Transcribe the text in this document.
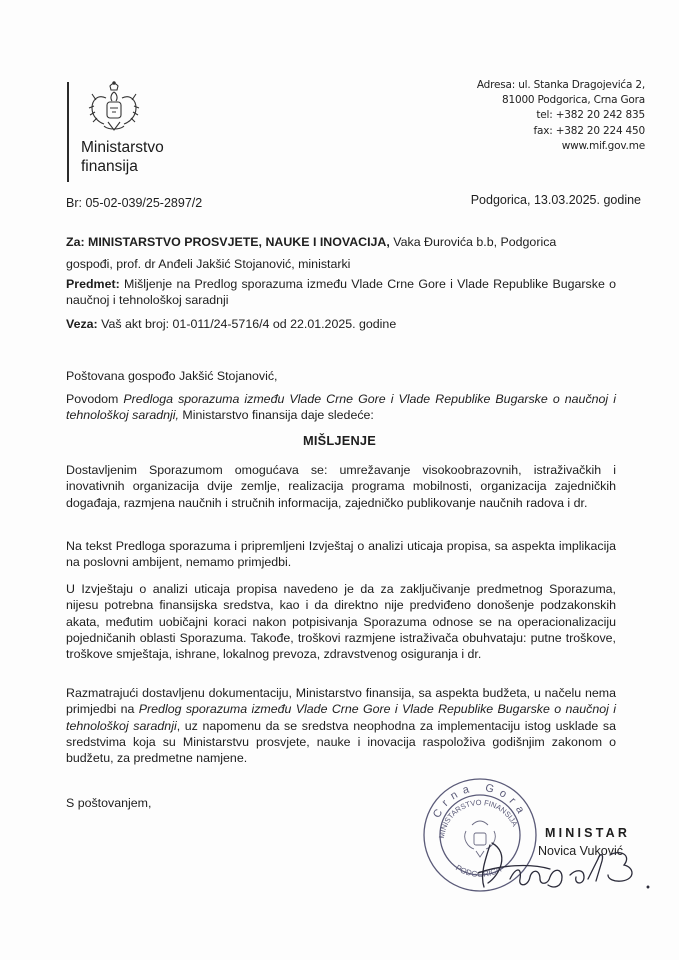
Ministarstvo
finansija
Adresa: ul. Stanka Dragojevića 2,
81000 Podgorica, Crna Gora
tel: +382 20 242 835
fax: +382 20 224 450
www.mif.gov.me
Br: 05-02-039/25-2897/2	Podgorica, 13.03.2025. godine
Za: MINISTARSTVO PROSVJETE, NAUKE I INOVACIJA, Vaka Đurovića b.b, Podgorica
gospođi, prof. dr Anđeli Jakšić Stojanović, ministarki
Predmet: Mišljenje na Predlog sporazuma između Vlade Crne Gore i Vlade Republike Bugarske o naučnoj i tehnološkoj saradnji
Veza: Vaš akt broj: 01-011/24-5716/4 od 22.01.2025. godine
Poštovana gospođo Jakšić Stojanović,
Povodom Predloga sporazuma između Vlade Crne Gore i Vlade Republike Bugarske o naučnoj i tehnološkoj saradnji, Ministarstvo finansija daje sledeće:
MIŠLJENJE
Dostavljenim Sporazumom omogućava se: umrežavanje visokoobrazovnih, istraživačkih i inovativnih organizacija dvije zemlje, realizacija programa mobilnosti, organizacija zajedničkih događaja, razmjena naučnih i stručnih informacija, zajedničko publikovanje naučnih radova i dr.
Na tekst Predloga sporazuma i pripremljeni Izvještaj o analizi uticaja propisa, sa aspekta implikacija na poslovni ambijent, nemamo primjedbi.
U Izvještaju o analizi uticaja propisa navedeno je da za zaključivanje predmetnog Sporazuma, nijesu potrebna finansijska sredstva, kao i da direktno nije predviđeno donošenje podzakonskih akata, međutim uobičajni koraci nakon potpisivanja Sporazuma odnose se na operacionalizaciju pojedničanih oblasti Sporazuma. Takođe, troškovi razmjene istraživača obuhvataju: putne troškove, troškove smještaja, ishrane, lokalnog prevoza, zdravstvenog osiguranja i dr.
Razmatrajući dostavljenu dokumentaciju, Ministarstvo finansija, sa aspekta budžeta, u načelu nema primjedbi na Predlog sporazuma između Vlade Crne Gore i Vlade Republike Bugarske o naučnoj i tehnološkoj saradnji, uz napomenu da se sredstva neophodna za implementaciju istog usklade sa sredstvima koja su Ministarstvu prosvjete, nauke i inovacija raspoloživa godišnjim zakonom o budžetu, za predmetne namjene.
S poštovanjem,	Crna Gora
MINISTARSTVO FINANSIJA
PODGORICA
MINISTAR
Novica Vuković
